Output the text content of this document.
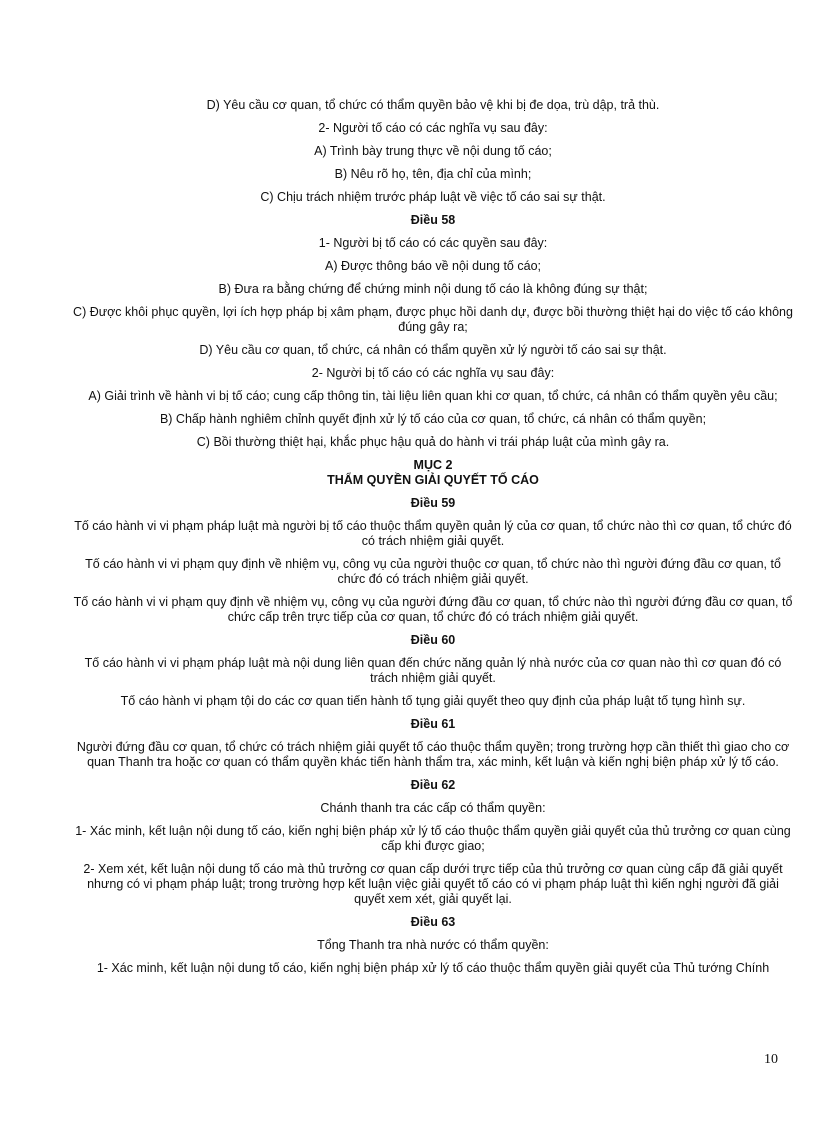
D) Yêu cầu cơ quan, tổ chức có thẩm quyền bảo vệ khi bị đe dọa, trù dập, trả thù.

2- Người tố cáo có các nghĩa vụ sau đây:

A) Trình bày trung thực về nội dung tố cáo;

B) Nêu rõ họ, tên, địa chỉ của mình;

C) Chịu trách nhiệm trước pháp luật về việc tố cáo sai sự thật.

Điều 58

1- Người bị tố cáo có các quyền sau đây:

A) Được thông báo về nội dung tố cáo;

B) Đưa ra bằng chứng để chứng minh nội dung tố cáo là không đúng sự thật;

C) Được khôi phục quyền, lợi ích hợp pháp bị xâm phạm, được phục hồi danh dự, được bồi thường thiệt hại do việc tố cáo không đúng gây ra;

D) Yêu cầu cơ quan, tổ chức, cá nhân có thẩm quyền xử lý người tố cáo sai sự thật.

2- Người bị tố cáo có các nghĩa vụ sau đây:

A) Giải trình về hành vi bị tố cáo; cung cấp thông tin, tài liệu liên quan khi cơ quan, tổ chức, cá nhân có thẩm quyền yêu cầu;

B) Chấp hành nghiêm chỉnh quyết định xử lý tố cáo của cơ quan, tổ chức, cá nhân có thẩm quyền;

C) Bồi thường thiệt hại, khắc phục hậu quả do hành vi trái pháp luật của mình gây ra.

MỤC 2

THẨM QUYỀN GIẢI QUYẾT TỐ CÁO

Điều 59

Tố cáo hành vi vi phạm pháp luật mà người bị tố cáo thuộc thẩm quyền quản lý của cơ quan, tổ chức nào thì cơ quan, tổ chức đó có trách nhiệm giải quyết.

Tố cáo hành vi vi phạm quy định về nhiệm vụ, công vụ của người thuộc cơ quan, tổ chức nào thì người đứng đầu cơ quan, tổ chức đó có trách nhiệm giải quyết.

Tố cáo hành vi vi phạm quy định về nhiệm vụ, công vụ của người đứng đầu cơ quan, tổ chức nào thì người đứng đầu cơ quan, tổ chức cấp trên trực tiếp của cơ quan, tổ chức đó có trách nhiệm giải quyết.

Điều 60

Tố cáo hành vi vi phạm pháp luật mà nội dung liên quan đến chức năng quản lý nhà nước của cơ quan nào thì cơ quan đó có trách nhiệm giải quyết.

Tố cáo hành vi phạm tội do các cơ quan tiến hành tố tụng giải quyết theo quy định của pháp luật tố tụng hình sự.

Điều 61

Người đứng đầu cơ quan, tổ chức có trách nhiệm giải quyết tố cáo thuộc thẩm quyền; trong trường hợp cần thiết thì giao cho cơ quan Thanh tra hoặc cơ quan có thẩm quyền khác tiến hành thẩm tra, xác minh, kết luận và kiến nghị biện pháp xử lý tố cáo.

Điều 62

Chánh thanh tra các cấp có thẩm quyền:

1- Xác minh, kết luận nội dung tố cáo, kiến nghị biện pháp xử lý tố cáo thuộc thẩm quyền giải quyết của thủ trưởng cơ quan cùng cấp khi được giao;

2- Xem xét, kết luận nội dung tố cáo mà thủ trưởng cơ quan cấp dưới trực tiếp của thủ trưởng cơ quan cùng cấp đã giải quyết nhưng có vi phạm pháp luật; trong trường hợp kết luận việc giải quyết tố cáo có vi phạm pháp luật thì kiến nghị người đã giải quyết xem xét, giải quyết lại.

Điều 63

Tổng Thanh tra nhà nước có thẩm quyền:

1- Xác minh, kết luận nội dung tố cáo, kiến nghị biện pháp xử lý tố cáo thuộc thẩm quyền giải quyết của Thủ tướng Chính

10
